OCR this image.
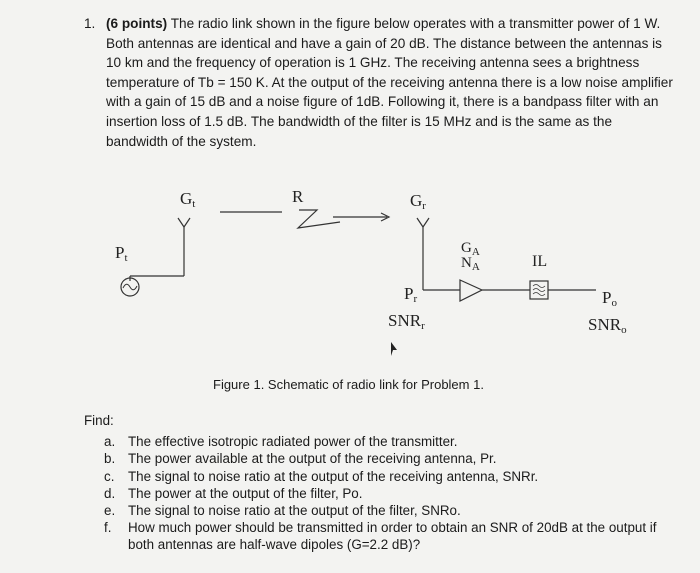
1. (6 points) The radio link shown in the figure below operates with a transmitter power of 1 W. Both antennas are identical and have a gain of 20 dB. The distance between the antennas is 10 km and the frequency of operation is 1 GHz. The receiving antenna sees a brightness temperature of Tb = 150 K. At the output of the receiving antenna there is a low noise amplifier with a gain of 15 dB and a noise figure of 1dB. Following it, there is a bandpass filter with an insertion loss of 1.5 dB. The bandwidth of the filter is 15 MHz and is the same as the bandwidth of the system.
Gt	R	Gr
Pt
$G_A$
$N_A$	IL
Pr
SNRr
Po
SNRo
Figure 1. Schematic of radio link for Problem 1.
Find:
a. The effective isotropic radiated power of the transmitter.
b. The power available at the output of the receiving antenna, Pr.
c. The signal to noise ratio at the output of the receiving antenna, SNRr.
d. The power at the output of the filter, Po.
e. The signal to noise ratio at the output of the filter, SNRo.
f. How much power should be transmitted in order to obtain an SNR of 20dB at the output if both antennas are half-wave dipoles (G=2.2 dB)?
